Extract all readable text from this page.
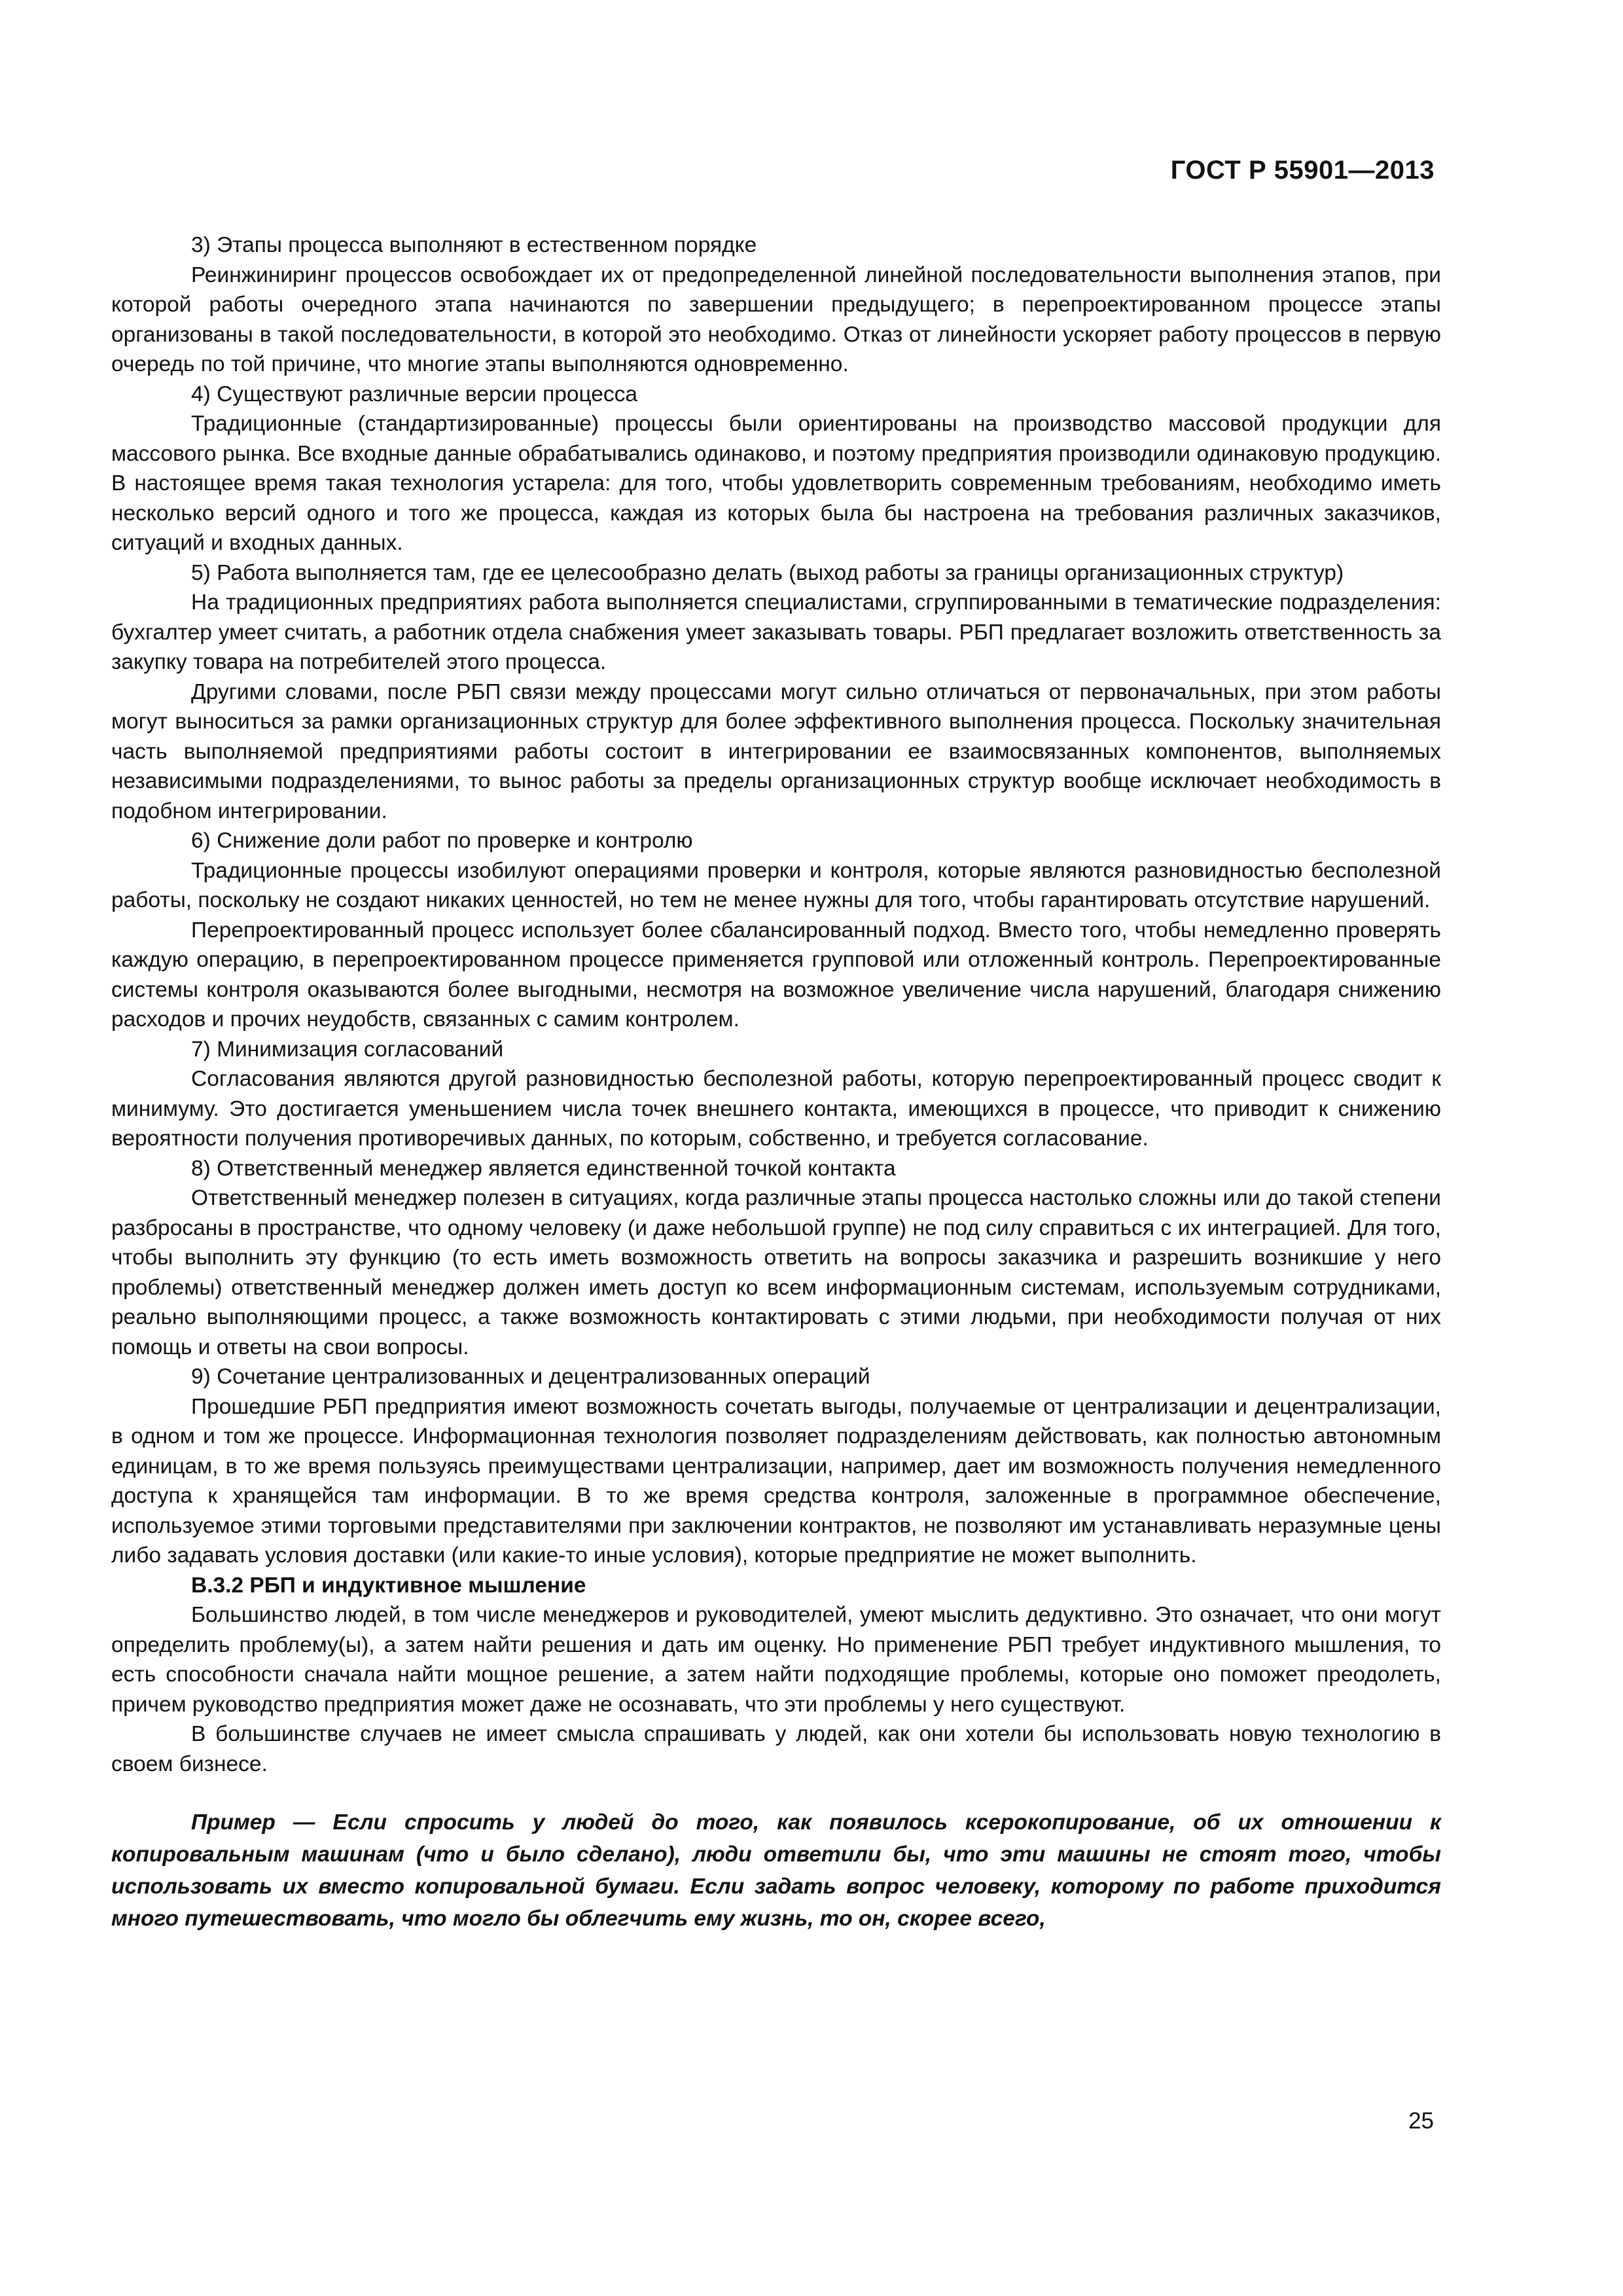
ГОСТ Р 55901—2013

3) Этапы процесса выполняют в естественном порядке

Реинжиниринг процессов освобождает их от предопределенной линейной последовательности выполнения этапов, при которой работы очередного этапа начинаются по завершении предыдущего; в перепроектированном процессе этапы организованы в такой последовательности, в которой это необходимо. Отказ от линейности ускоряет работу процессов в первую очередь по той причине, что многие этапы выполняются одновременно.

4) Существуют различные версии процесса

Традиционные (стандартизированные) процессы были ориентированы на производство массовой продукции для массового рынка. Все входные данные обрабатывались одинаково, и поэтому предприятия производили одинаковую продукцию. В настоящее время такая технология устарела: для того, чтобы удовлетворить современным требованиям, необходимо иметь несколько версий одного и того же процесса, каждая из которых была бы настроена на требования различных заказчиков, ситуаций и входных данных.

5) Работа выполняется там, где ее целесообразно делать (выход работы за границы организационных структур)

На традиционных предприятиях работа выполняется специалистами, сгруппированными в тематические подразделения: бухгалтер умеет считать, а работник отдела снабжения умеет заказывать товары. РБП предлагает возложить ответственность за закупку товара на потребителей этого процесса.

Другими словами, после РБП связи между процессами могут сильно отличаться от первоначальных, при этом работы могут выноситься за рамки организационных структур для более эффективного выполнения процесса. Поскольку значительная часть выполняемой предприятиями работы состоит в интегрировании ее взаимосвязанных компонентов, выполняемых независимыми подразделениями, то вынос работы за пределы организационных структур вообще исключает необходимость в подобном интегрировании.

6) Снижение доли работ по проверке и контролю

Традиционные процессы изобилуют операциями проверки и контроля, которые являются разновидностью бесполезной работы, поскольку не создают никаких ценностей, но тем не менее нужны для того, чтобы гарантировать отсутствие нарушений.

Перепроектированный процесс использует более сбалансированный подход. Вместо того, чтобы немедленно проверять каждую операцию, в перепроектированном процессе применяется групповой или отложенный контроль. Перепроектированные системы контроля оказываются более выгодными, несмотря на возможное увеличение числа нарушений, благодаря снижению расходов и прочих неудобств, связанных с самим контролем.

7) Минимизация согласований

Согласования являются другой разновидностью бесполезной работы, которую перепроектированный процесс сводит к минимуму. Это достигается уменьшением числа точек внешнего контакта, имеющихся в процессе, что приводит к снижению вероятности получения противоречивых данных, по которым, собственно, и требуется согласование.

8) Ответственный менеджер является единственной точкой контакта

Ответственный менеджер полезен в ситуациях, когда различные этапы процесса настолько сложны или до такой степени разбросаны в пространстве, что одному человеку (и даже небольшой группе) не под силу справиться с их интеграцией. Для того, чтобы выполнить эту функцию (то есть иметь возможность ответить на вопросы заказчика и разрешить возникшие у него проблемы) ответственный менеджер должен иметь доступ ко всем информационным системам, используемым сотрудниками, реально выполняющими процесс, а также возможность контактировать с этими людьми, при необходимости получая от них помощь и ответы на свои вопросы.

9) Сочетание централизованных и децентрализованных операций

Прошедшие РБП предприятия имеют возможность сочетать выгоды, получаемые от централизации и децентрализации, в одном и том же процессе. Информационная технология позволяет подразделениям действовать, как полностью автономным единицам, в то же время пользуясь преимуществами централизации, например, дает им возможность получения немедленного доступа к хранящейся там информации. В то же время средства контроля, заложенные в программное обеспечение, используемое этими торговыми представителями при заключении контрактов, не позволяют им устанавливать неразумные цены либо задавать условия доставки (или какие-то иные условия), которые предприятие не может выполнить.

В.3.2 РБП и индуктивное мышление

Большинство людей, в том числе менеджеров и руководителей, умеют мыслить дедуктивно. Это означает, что они могут определить проблему(ы), а затем найти решения и дать им оценку. Но применение РБП требует индуктивного мышления, то есть способности сначала найти мощное решение, а затем найти подходящие проблемы, которые оно поможет преодолеть, причем руководство предприятия может даже не осознавать, что эти проблемы у него существуют.

В большинстве случаев не имеет смысла спрашивать у людей, как они хотели бы использовать новую технологию в своем бизнесе.

Пример — Если спросить у людей до того, как появилось ксерокопирование, об их отношении к копировальным машинам (что и было сделано), люди ответили бы, что эти машины не стоят того, чтобы использовать их вместо копировальной бумаги. Если задать вопрос человеку, которому по работе приходится много путешествовать, что могло бы облегчить ему жизнь, то он, скорее всего,

25
